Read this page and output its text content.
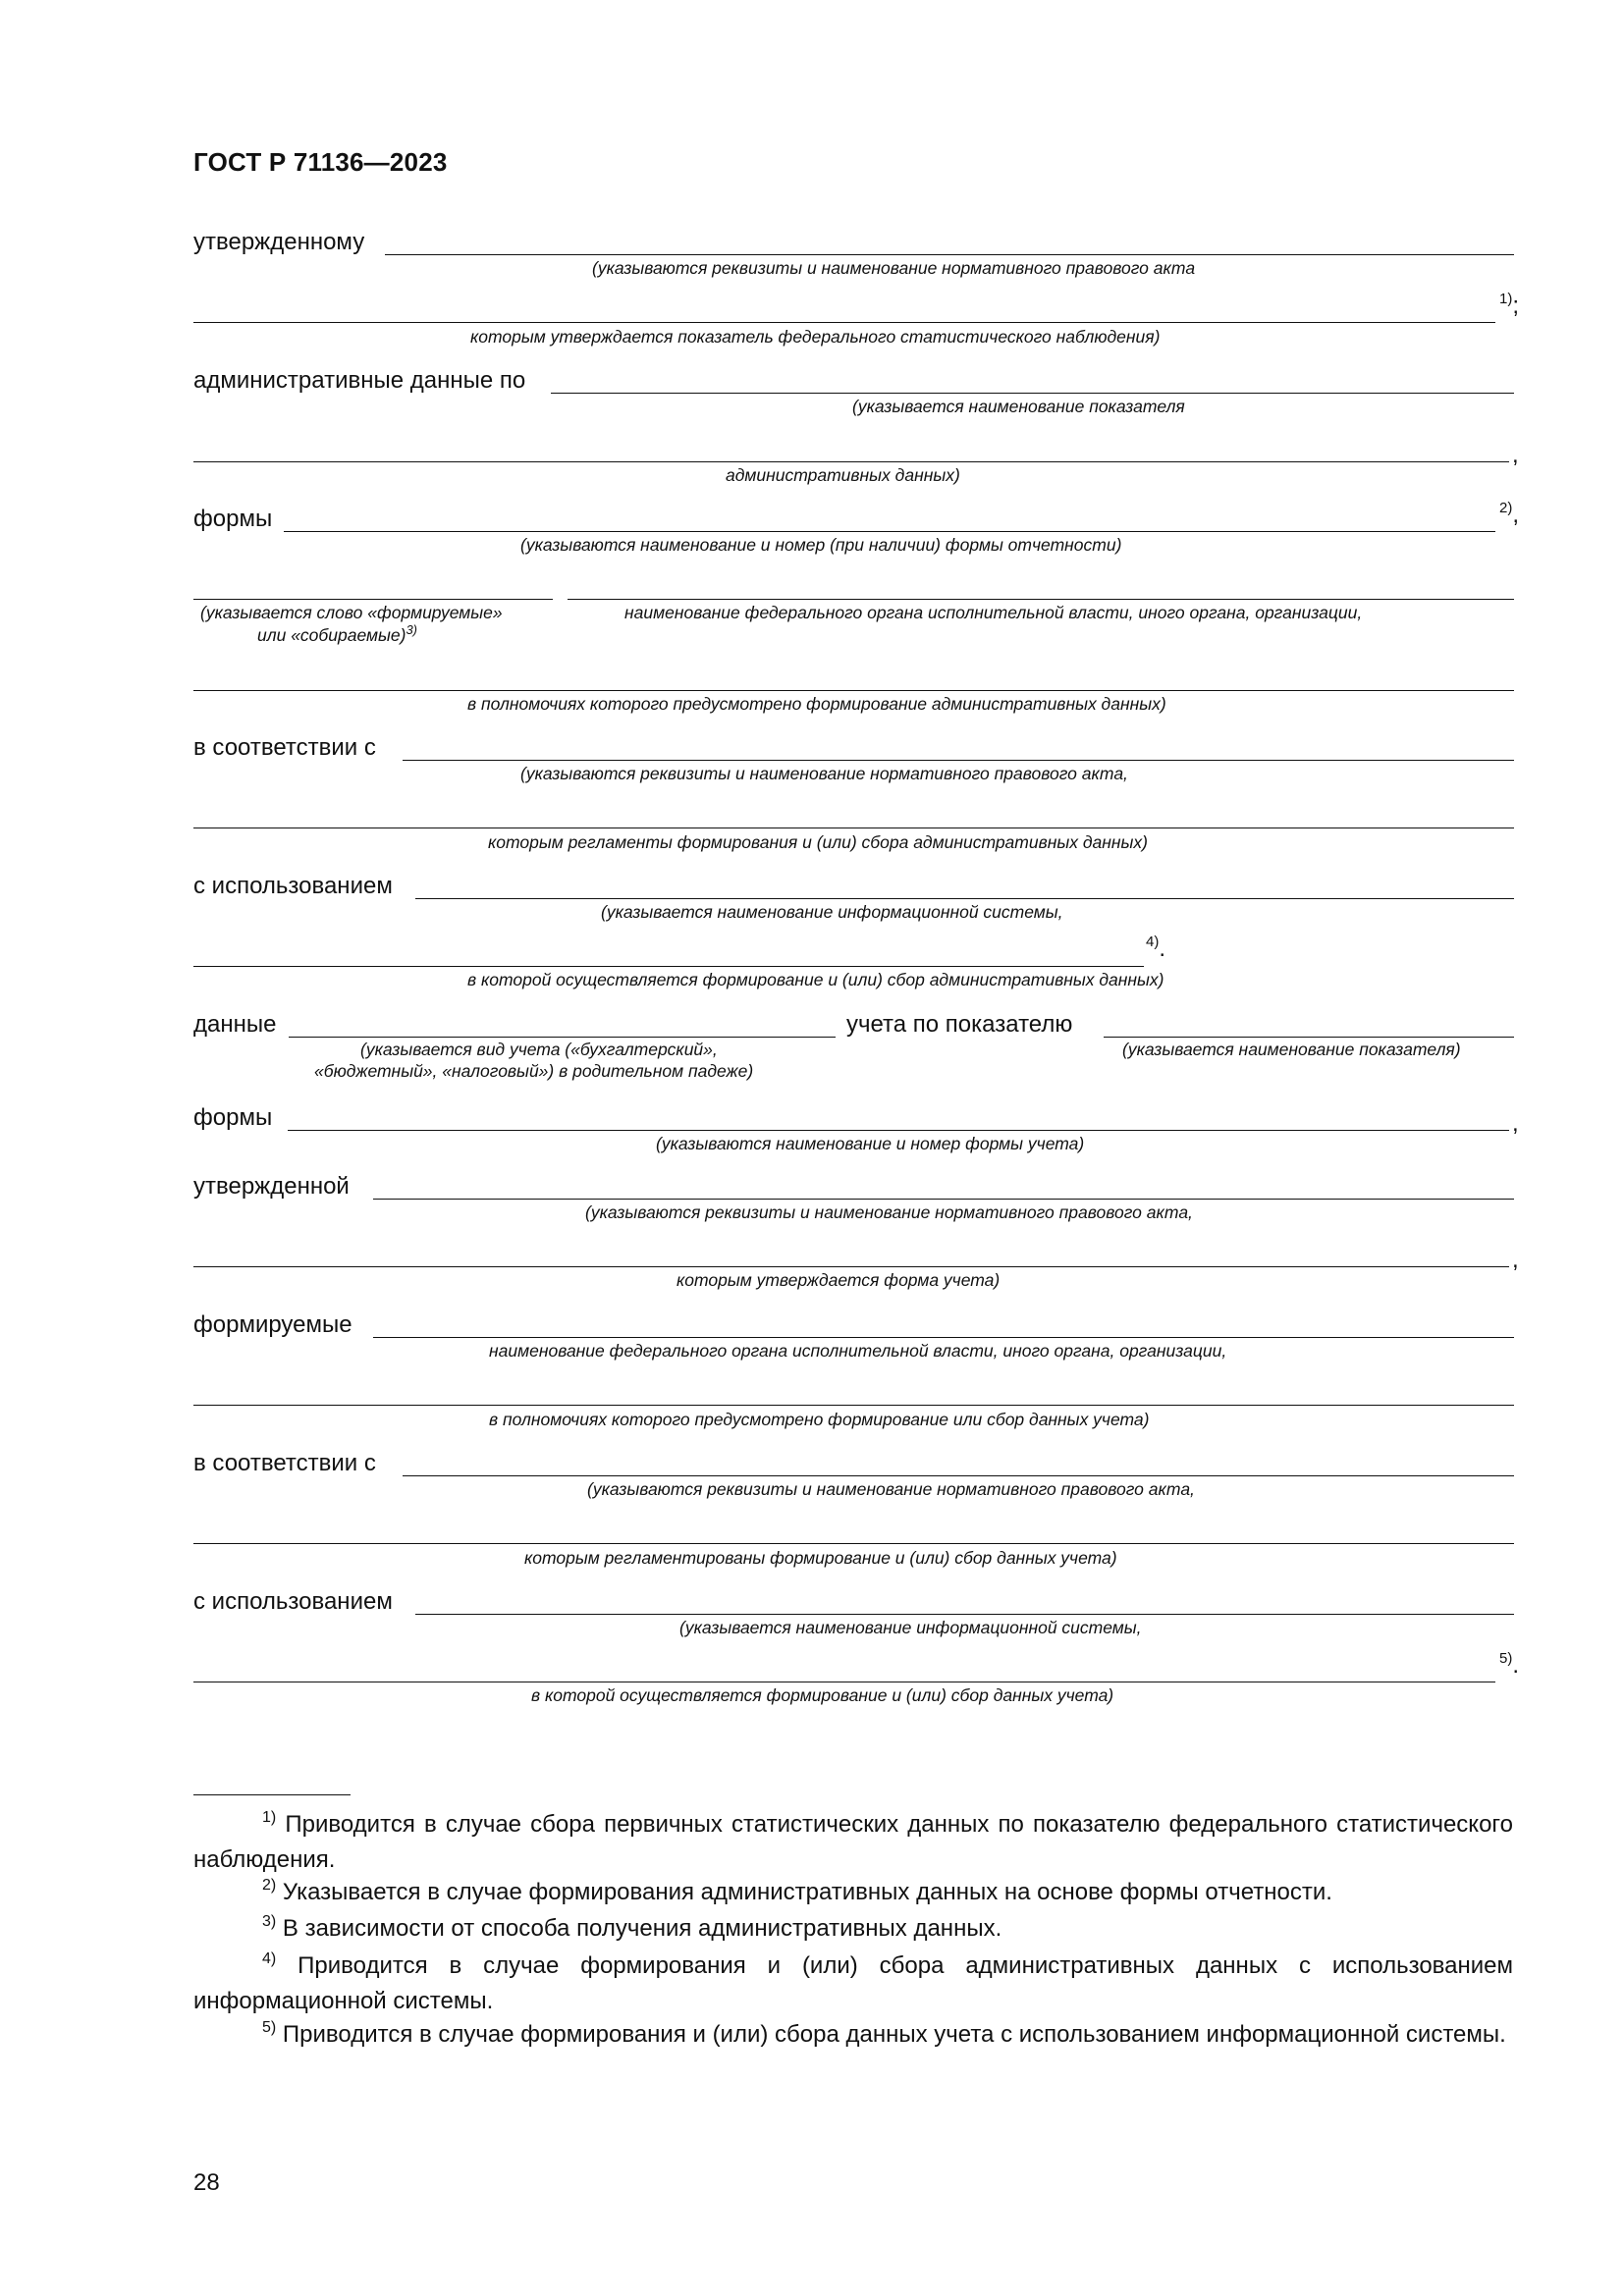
ГОСТ Р 71136—2023
утвержденному
(указываются реквизиты и наименование нормативного правового акта
$^{1)}$;
которым утверждается показатель федерального статистического наблюдения)
административные данные по
(указывается наименование показателя
,
административных данных)
формы	$^{2)}$,
(указываются наименование и номер (при наличии) формы отчетности)
(указывается слово «формируемые»
или «собираемые)$^{3)}$
наименование федерального органа исполнительной власти, иного органа, организации,
в полномочиях которого предусмотрено формирование административных данных)
в соответствии с
(указываются реквизиты и наименование нормативного правового акта,
которым регламенты формирования и (или) сбора административных данных)
с использованием
(указывается наименование информационной системы,
$^{4)}$.
в которой осуществляется формирование и (или) сбор административных данных)
данные	учета по показателю
(указывается вид учета («бухгалтерский»,
«бюджетный», «налоговый») в родительном падеже)
(указывается наименование показателя)
формы	,
(указываются наименование и номер формы учета)
утвержденной
(указываются реквизиты и наименование нормативного правового акта,
,
которым утверждается форма учета)
формируемые
наименование федерального органа исполнительной власти, иного органа, организации,
в полномочиях которого предусмотрено формирование или сбор данных учета)
в соответствии с
(указываются реквизиты и наименование нормативного правового акта,
которым регламентированы формирование и (или) сбор данных учета)
с использованием
(указывается наименование информационной системы,
$^{5)}$.
в которой осуществляется формирование и (или) сбор данных учета)
$^{1)}$ Приводится в случае сбора первичных статистических данных по показателю федерального статистического наблюдения.
$^{2)}$ Указывается в случае формирования административных данных на основе формы отчетности.
$^{3)}$ В зависимости от способа получения административных данных.
$^{4)}$ Приводится в случае формирования и (или) сбора административных данных с использованием информационной системы.
$^{5)}$ Приводится в случае формирования и (или) сбора данных учета с использованием информационной системы.
28
